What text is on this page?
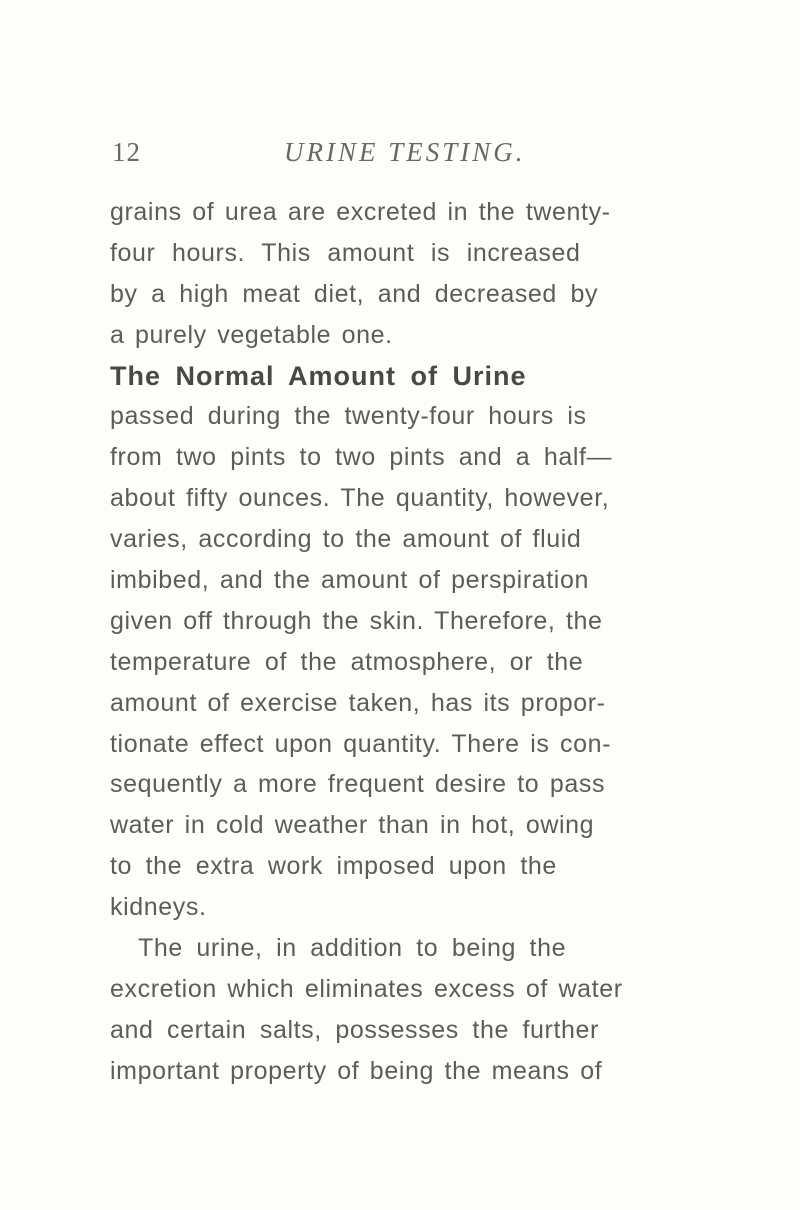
12	URINE TESTING.
grains of urea are excreted in the twenty-
four hours. This amount is increased
by a high meat diet, and decreased by
a purely vegetable one.
The Normal Amount of Urine
passed during the twenty-four hours is
from two pints to two pints and a half—
about fifty ounces. The quantity, however,
varies, according to the amount of fluid
imbibed, and the amount of perspiration
given off through the skin. Therefore, the
temperature of the atmosphere, or the
amount of exercise taken, has its propor-
tionate effect upon quantity. There is con-
sequently a more frequent desire to pass
water in cold weather than in hot, owing
to the extra work imposed upon the
kidneys.
The urine, in addition to being the
excretion which eliminates excess of water
and certain salts, possesses the further
important property of being the means of
